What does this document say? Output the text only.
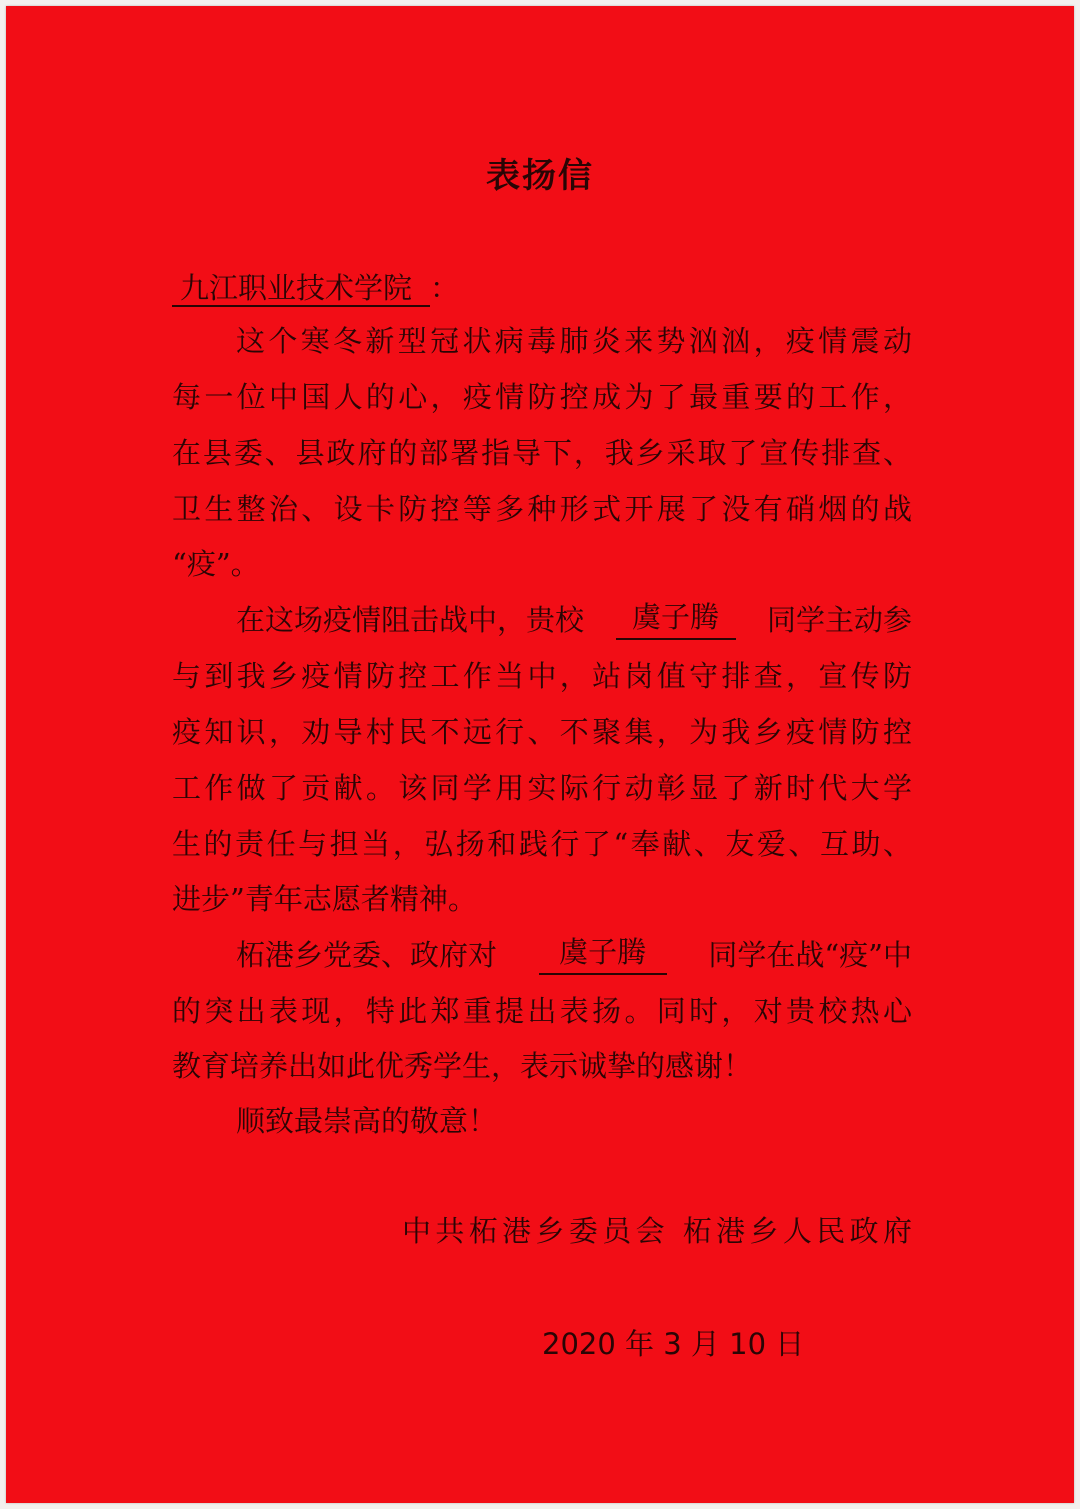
表扬信
九江职业技术学院 ：
这个寒冬新型冠状病毒肺炎来势汹汹，疫情震动
每一位中国人的心，疫情防控成为了最重要的工作，
在县委、县政府的部署指导下，我乡采取了宣传排查、
卫生整治、设卡防控等多种形式开展了没有硝烟的战
“疫”。
在这场疫情阻击战中，贵校	虞子腾	同学主动参
与到我乡疫情防控工作当中，站岗值守排查，宣传防
疫知识，劝导村民不远行、不聚集，为我乡疫情防控
工作做了贡献。该同学用实际行动彰显了新时代大学
生的责任与担当，弘扬和践行了“奉献、友爱、互助、
进步”青年志愿者精神。
柘港乡党委、政府对	虞子腾	同学在战“疫”中
的突出表现，特此郑重提出表扬。同时，对贵校热心
教育培养出如此优秀学生，表示诚挚的感谢！
顺致最崇高的敬意！
中共柘港乡委员会 柘港乡人民政府
2020 年 3 月 10 日
